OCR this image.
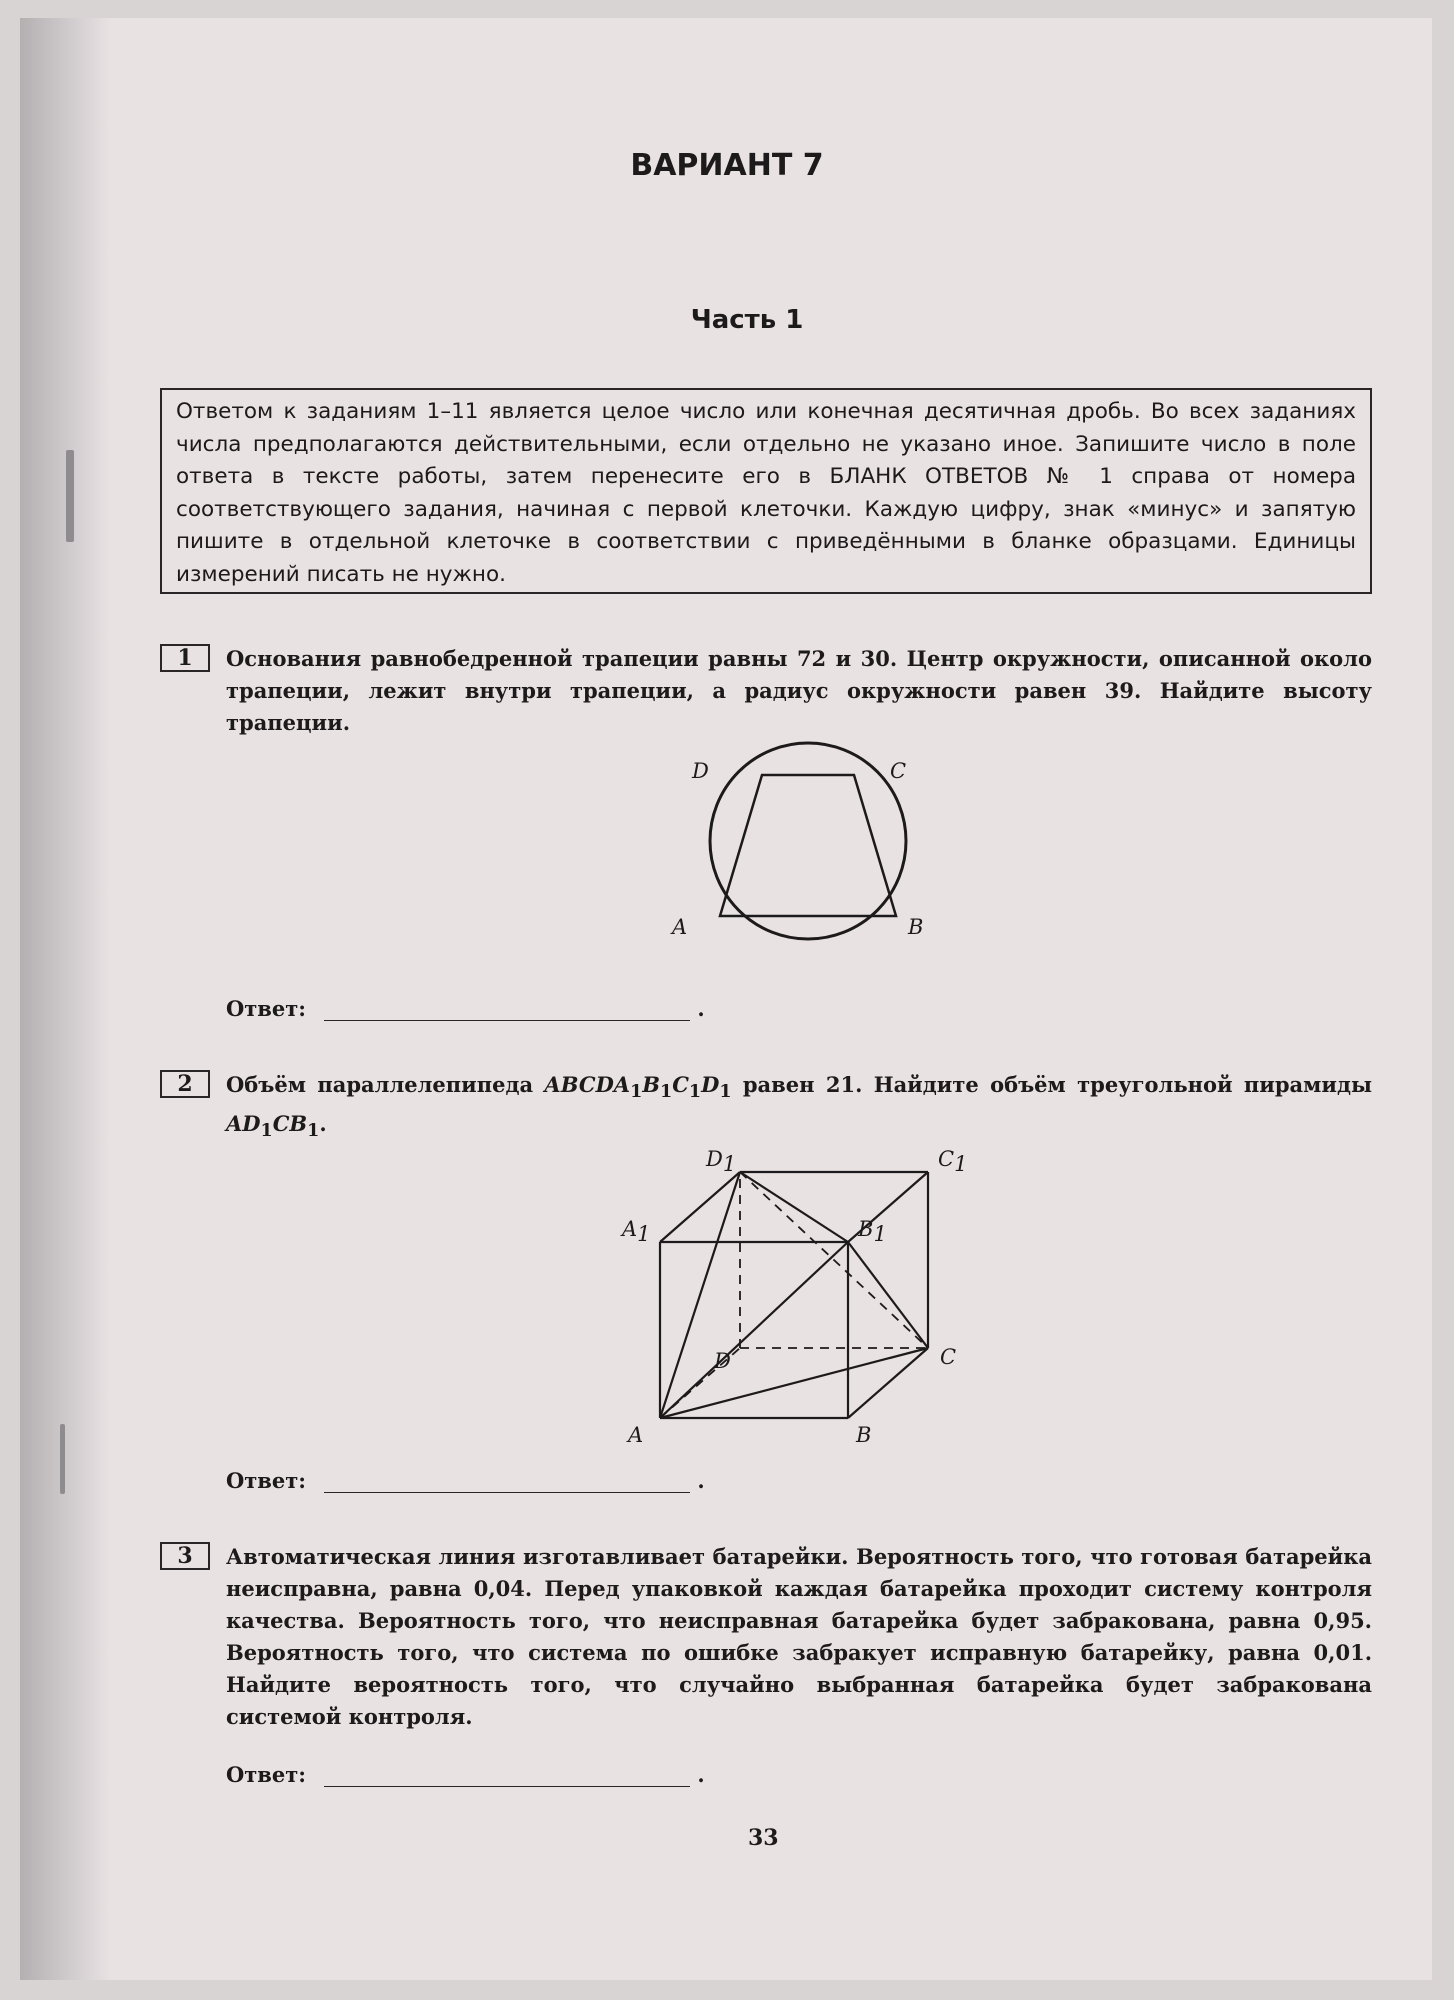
ВАРИАНТ 7
Часть 1
Ответом к заданиям 1–11 является целое число или конечная десятичная дробь. Во всех заданиях числа предполагаются действительными, если отдельно не указано иное. Запишите число в поле ответа в тексте работы, затем перенесите его в БЛАНК ОТВЕТОВ № 1 справа от номера соответствующего задания, начиная с первой клеточки. Каждую цифру, знак «минус» и запятую пишите в отдельной клеточке в соответствии с приведёнными в бланке образцами. Единицы измерений писать не нужно.
1	Основания равнобедренной трапеции равны 72 и 30. Центр окружности, описанной около трапеции, лежит внутри трапеции, а радиус окружности равен 39. Найдите высоту трапеции.
A	B
C
D
Ответ:	.
2	Объём параллелепипеда $ABCDA_1B_1C_1D_1$ равен 21. Найдите объём треугольной пирамиды $AD_1CB_1$.
D1	C1
A1	B1
D	C
A	B
Ответ:	.
3	Автоматическая линия изготавливает батарейки. Вероятность того, что готовая батарейка неисправна, равна 0,04. Перед упаковкой каждая батарейка проходит систему контроля качества. Вероятность того, что неисправная батарейка будет забракована, равна 0,95. Вероятность того, что система по ошибке забракует исправную батарейку, равна 0,01. Найдите вероятность того, что случайно выбранная батарейка будет забракована системой контроля.
Ответ:	.
33
